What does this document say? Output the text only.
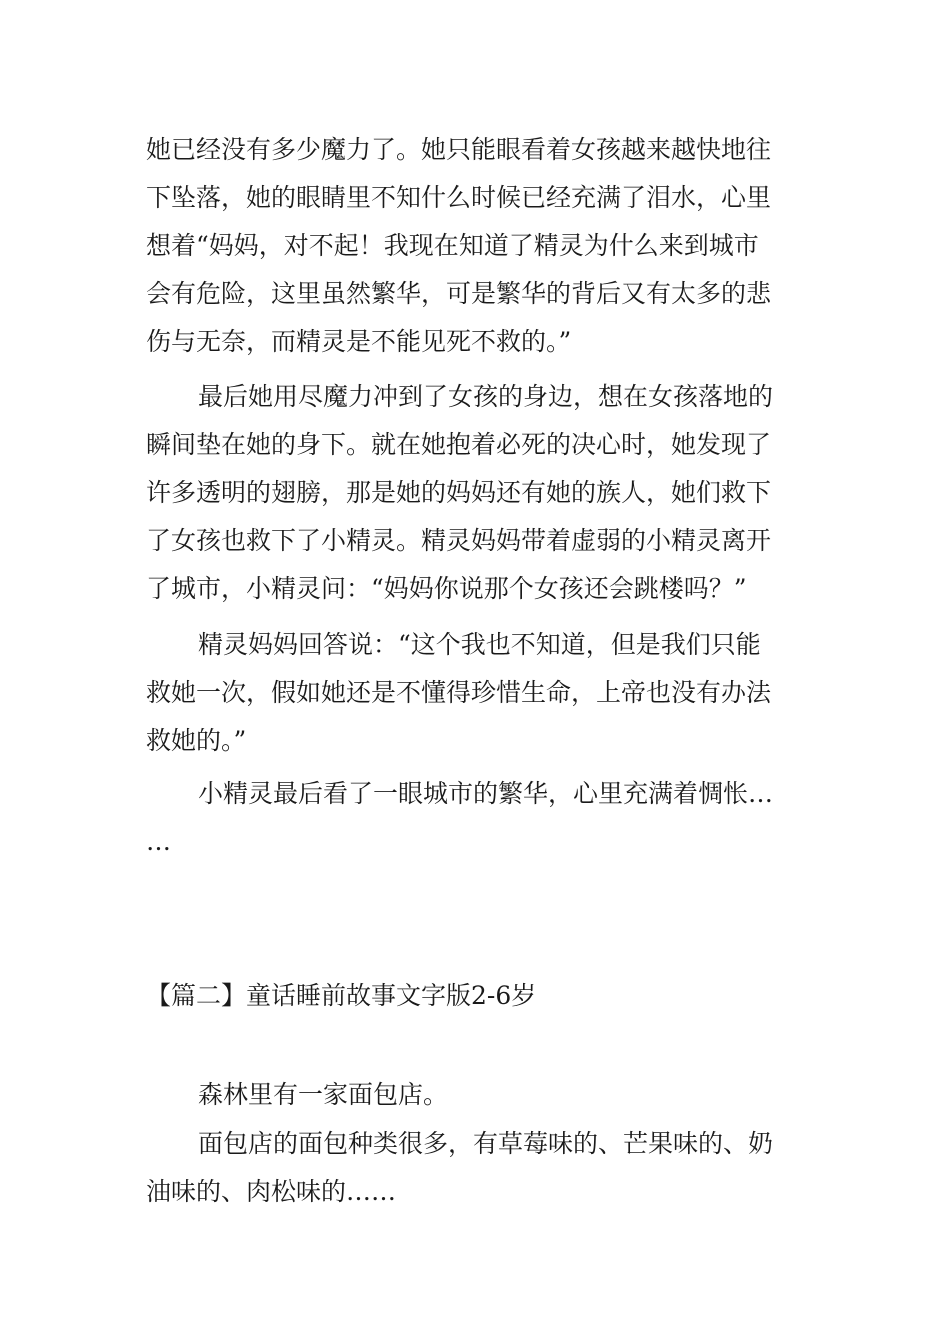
她已经没有多少魔力了。她只能眼看着女孩越来越快地往
下坠落，她的眼睛里不知什么时候已经充满了泪水，心里
想着“妈妈，对不起！我现在知道了精灵为什么来到城市
会有危险，这里虽然繁华，可是繁华的背后又有太多的悲
伤与无奈，而精灵是不能见死不救的。”
最后她用尽魔力冲到了女孩的身边，想在女孩落地的
瞬间垫在她的身下。就在她抱着必死的决心时，她发现了
许多透明的翅膀，那是她的妈妈还有她的族人，她们救下
了女孩也救下了小精灵。精灵妈妈带着虚弱的小精灵离开
了城市，小精灵问：“妈妈你说那个女孩还会跳楼吗？”
精灵妈妈回答说：“这个我也不知道，但是我们只能
救她一次，假如她还是不懂得珍惜生命，上帝也没有办法
救她的。”
小精灵最后看了一眼城市的繁华，心里充满着惆怅…
…
【篇二】童话睡前故事文字版2-6岁
森林里有一家面包店。
面包店的面包种类很多，有草莓味的、芒果味的、奶
油味的、肉松味的……
